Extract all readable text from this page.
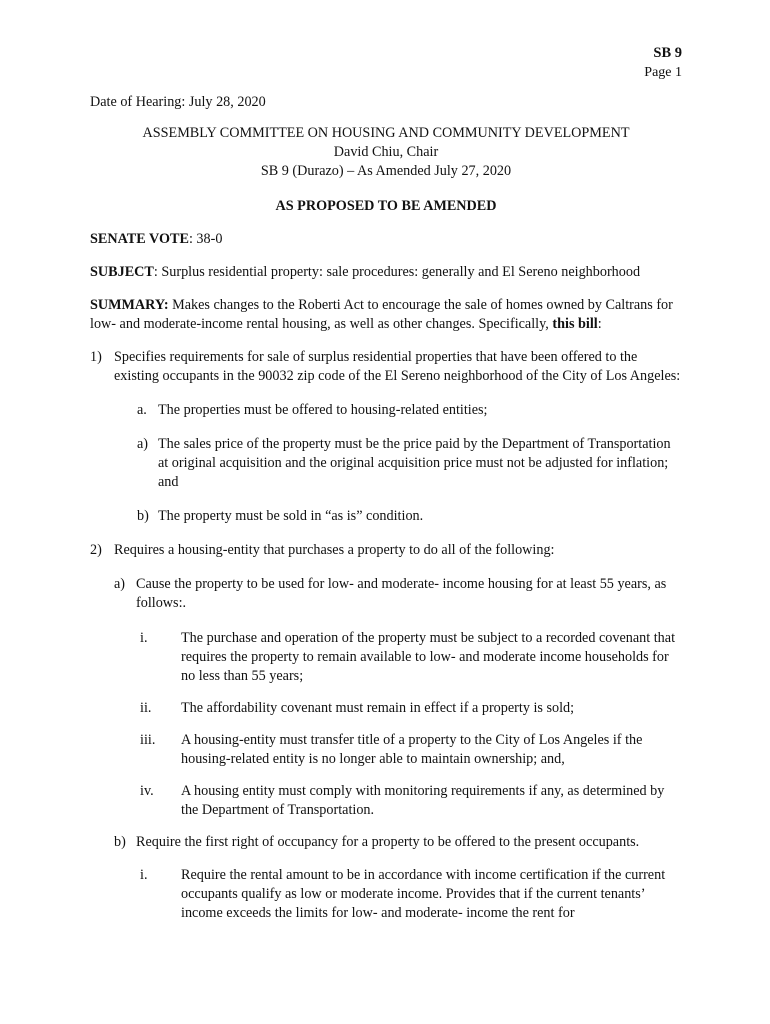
SB 9
Page 1
Date of Hearing: July 28, 2020
ASSEMBLY COMMITTEE ON HOUSING AND COMMUNITY DEVELOPMENT
David Chiu, Chair
SB 9 (Durazo) – As Amended July 27, 2020
AS PROPOSED TO BE AMENDED
SENATE VOTE: 38-0
SUBJECT: Surplus residential property: sale procedures: generally and El Sereno neighborhood
SUMMARY: Makes changes to the Roberti Act to encourage the sale of homes owned by Caltrans for low- and moderate-income rental housing, as well as other changes. Specifically, this bill:
1) Specifies requirements for sale of surplus residential properties that have been offered to the existing occupants in the 90032 zip code of the El Sereno neighborhood of the City of Los Angeles:
a. The properties must be offered to housing-related entities;
a) The sales price of the property must be the price paid by the Department of Transportation at original acquisition and the original acquisition price must not be adjusted for inflation; and
b) The property must be sold in “as is” condition.
2) Requires a housing-entity that purchases a property to do all of the following:
a) Cause the property to be used for low- and moderate- income housing for at least 55 years, as follows:.
i.	The purchase and operation of the property must be subject to a recorded covenant that requires the property to remain available to low- and moderate income households for no less than 55 years;
ii.	The affordability covenant must remain in effect if a property is sold;
iii.	A housing-entity must transfer title of a property to the City of Los Angeles if the housing-related entity is no longer able to maintain ownership; and,
iv.	A housing entity must comply with monitoring requirements if any, as determined by the Department of Transportation.
b) Require the first right of occupancy for a property to be offered to the present occupants.
i.	Require the rental amount to be in accordance with income certification if the current occupants qualify as low or moderate income. Provides that if the current tenants’ income exceeds the limits for low- and moderate- income the rent for
